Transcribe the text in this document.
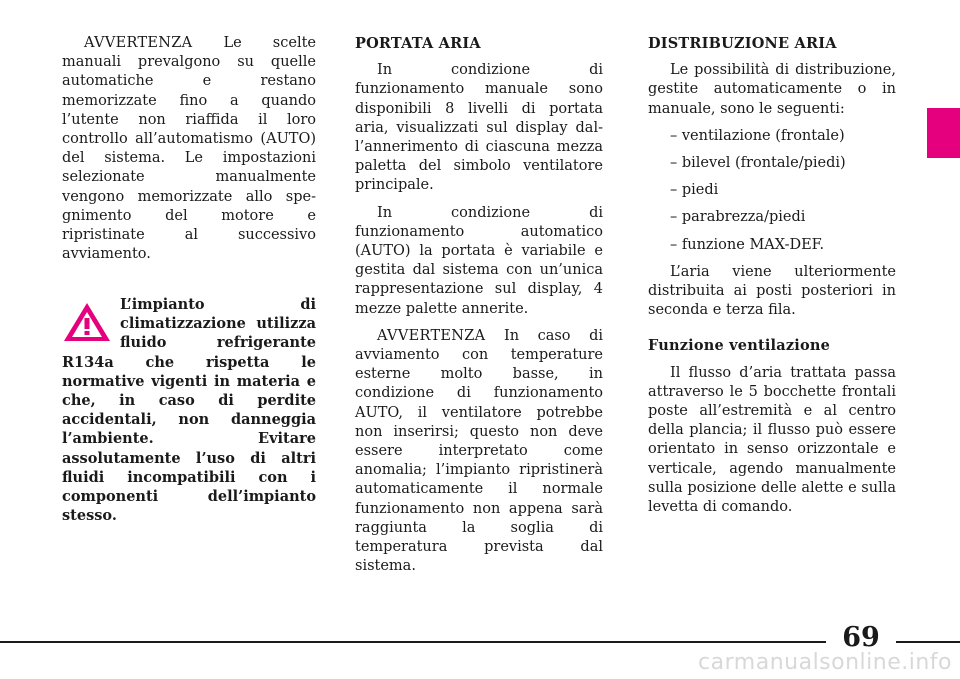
AVVERTENZA Le scelte manuali prevalgono su quelle automatiche e restano memorizzate fino a quando l’utente non riaffida il loro controllo all’automatismo (AUTO) del sistema. Le impostazioni selezionate manualmente vengono memorizzate allo spegnimento del motore e ripristinate al successivo avviamento.

L’impianto di climatizzazione utilizza fluido refrigerante R134a che rispetta le normative vigenti in materia e che, in caso di perdite accidentali, non danneggia l’ambiente. Evitare assolutamente l’uso di altri fluidi incompatibili con i componenti dell’impianto stesso.

PORTATA ARIA

In condizione di funzionamento manuale sono disponibili 8 livelli di portata aria, visualizzati sul display dall’annerimento di ciascuna mezza paletta del simbolo ventilatore principale.

In condizione di funzionamento automatico (AUTO) la portata è variabile e gestita dal sistema con un’unica rappresentazione sul display, 4 mezze palette annerite.

AVVERTENZA In caso di avviamento con temperature esterne molto basse, in condizione di funzionamento AUTO, il ventilatore potrebbe non inserirsi; questo non deve essere interpretato come anomalia; l’impianto ripristinerà automaticamente il normale funzionamento non appena sarà raggiunta la soglia di temperatura prevista dal sistema.

DISTRIBUZIONE ARIA

Le possibilità di distribuzione, gestite automaticamente o in manuale, sono le seguenti:

– ventilazione (frontale)

– bilevel (frontale/piedi)

– piedi

– parabrezza/piedi

– funzione MAX-DEF.

L’aria viene ulteriormente distribuita ai posti posteriori in seconda e terza fila.

Funzione ventilazione

Il flusso d’aria trattata passa attraverso le 5 bocchette frontali poste all’estremità e al centro della plancia; il flusso può essere orientato in senso orizzontale e verticale, agendo manualmente sulla posizione delle alette e sulla levetta di comando.

69
carmanualsonline.info
